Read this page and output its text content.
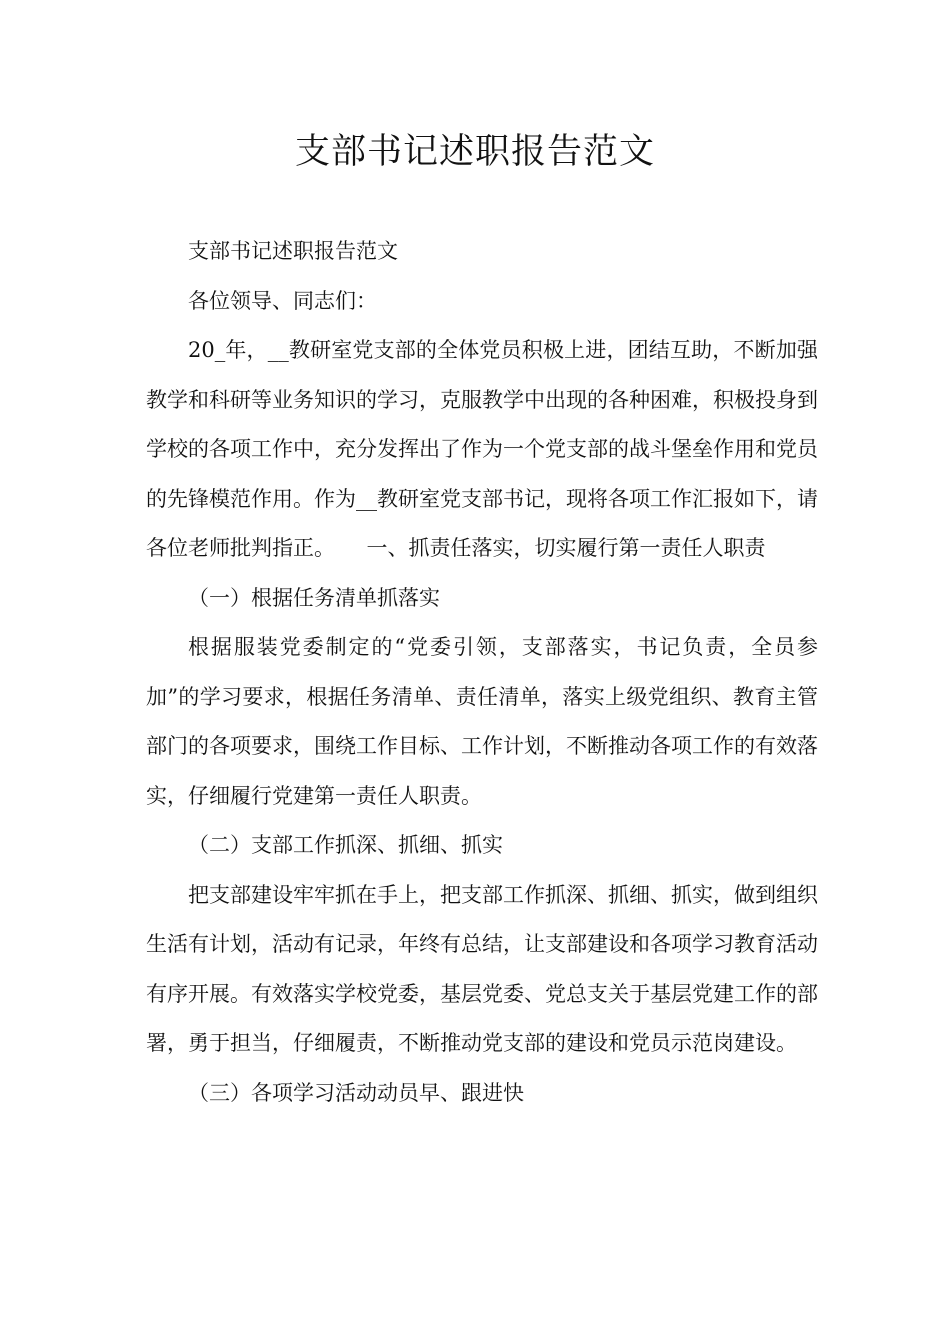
支部书记述职报告范文

支部书记述职报告范文

各位领导、同志们：

20_年，__教研室党支部的全体党员积极上进，团结互助，不断加强教学和科研等业务知识的学习，克服教学中出现的各种困难，积极投身到学校的各项工作中，充分发挥出了作为一个党支部的战斗堡垒作用和党员的先锋模范作用。作为__教研室党支部书记，现将各项工作汇报如下，请各位老师批判指正。　　一、抓责任落实，切实履行第一责任人职责

（一）根据任务清单抓落实

根据服装党委制定的“党委引领，支部落实，书记负责，全员参加”的学习要求，根据任务清单、责任清单，落实上级党组织、教育主管部门的各项要求，围绕工作目标、工作计划，不断推动各项工作的有效落实，仔细履行党建第一责任人职责。

（二）支部工作抓深、抓细、抓实

把支部建设牢牢抓在手上，把支部工作抓深、抓细、抓实，做到组织生活有计划，活动有记录，年终有总结，让支部建设和各项学习教育活动有序开展。有效落实学校党委，基层党委、党总支关于基层党建工作的部署，勇于担当，仔细履责，不断推动党支部的建设和党员示范岗建设。

（三）各项学习活动动员早、跟进快
